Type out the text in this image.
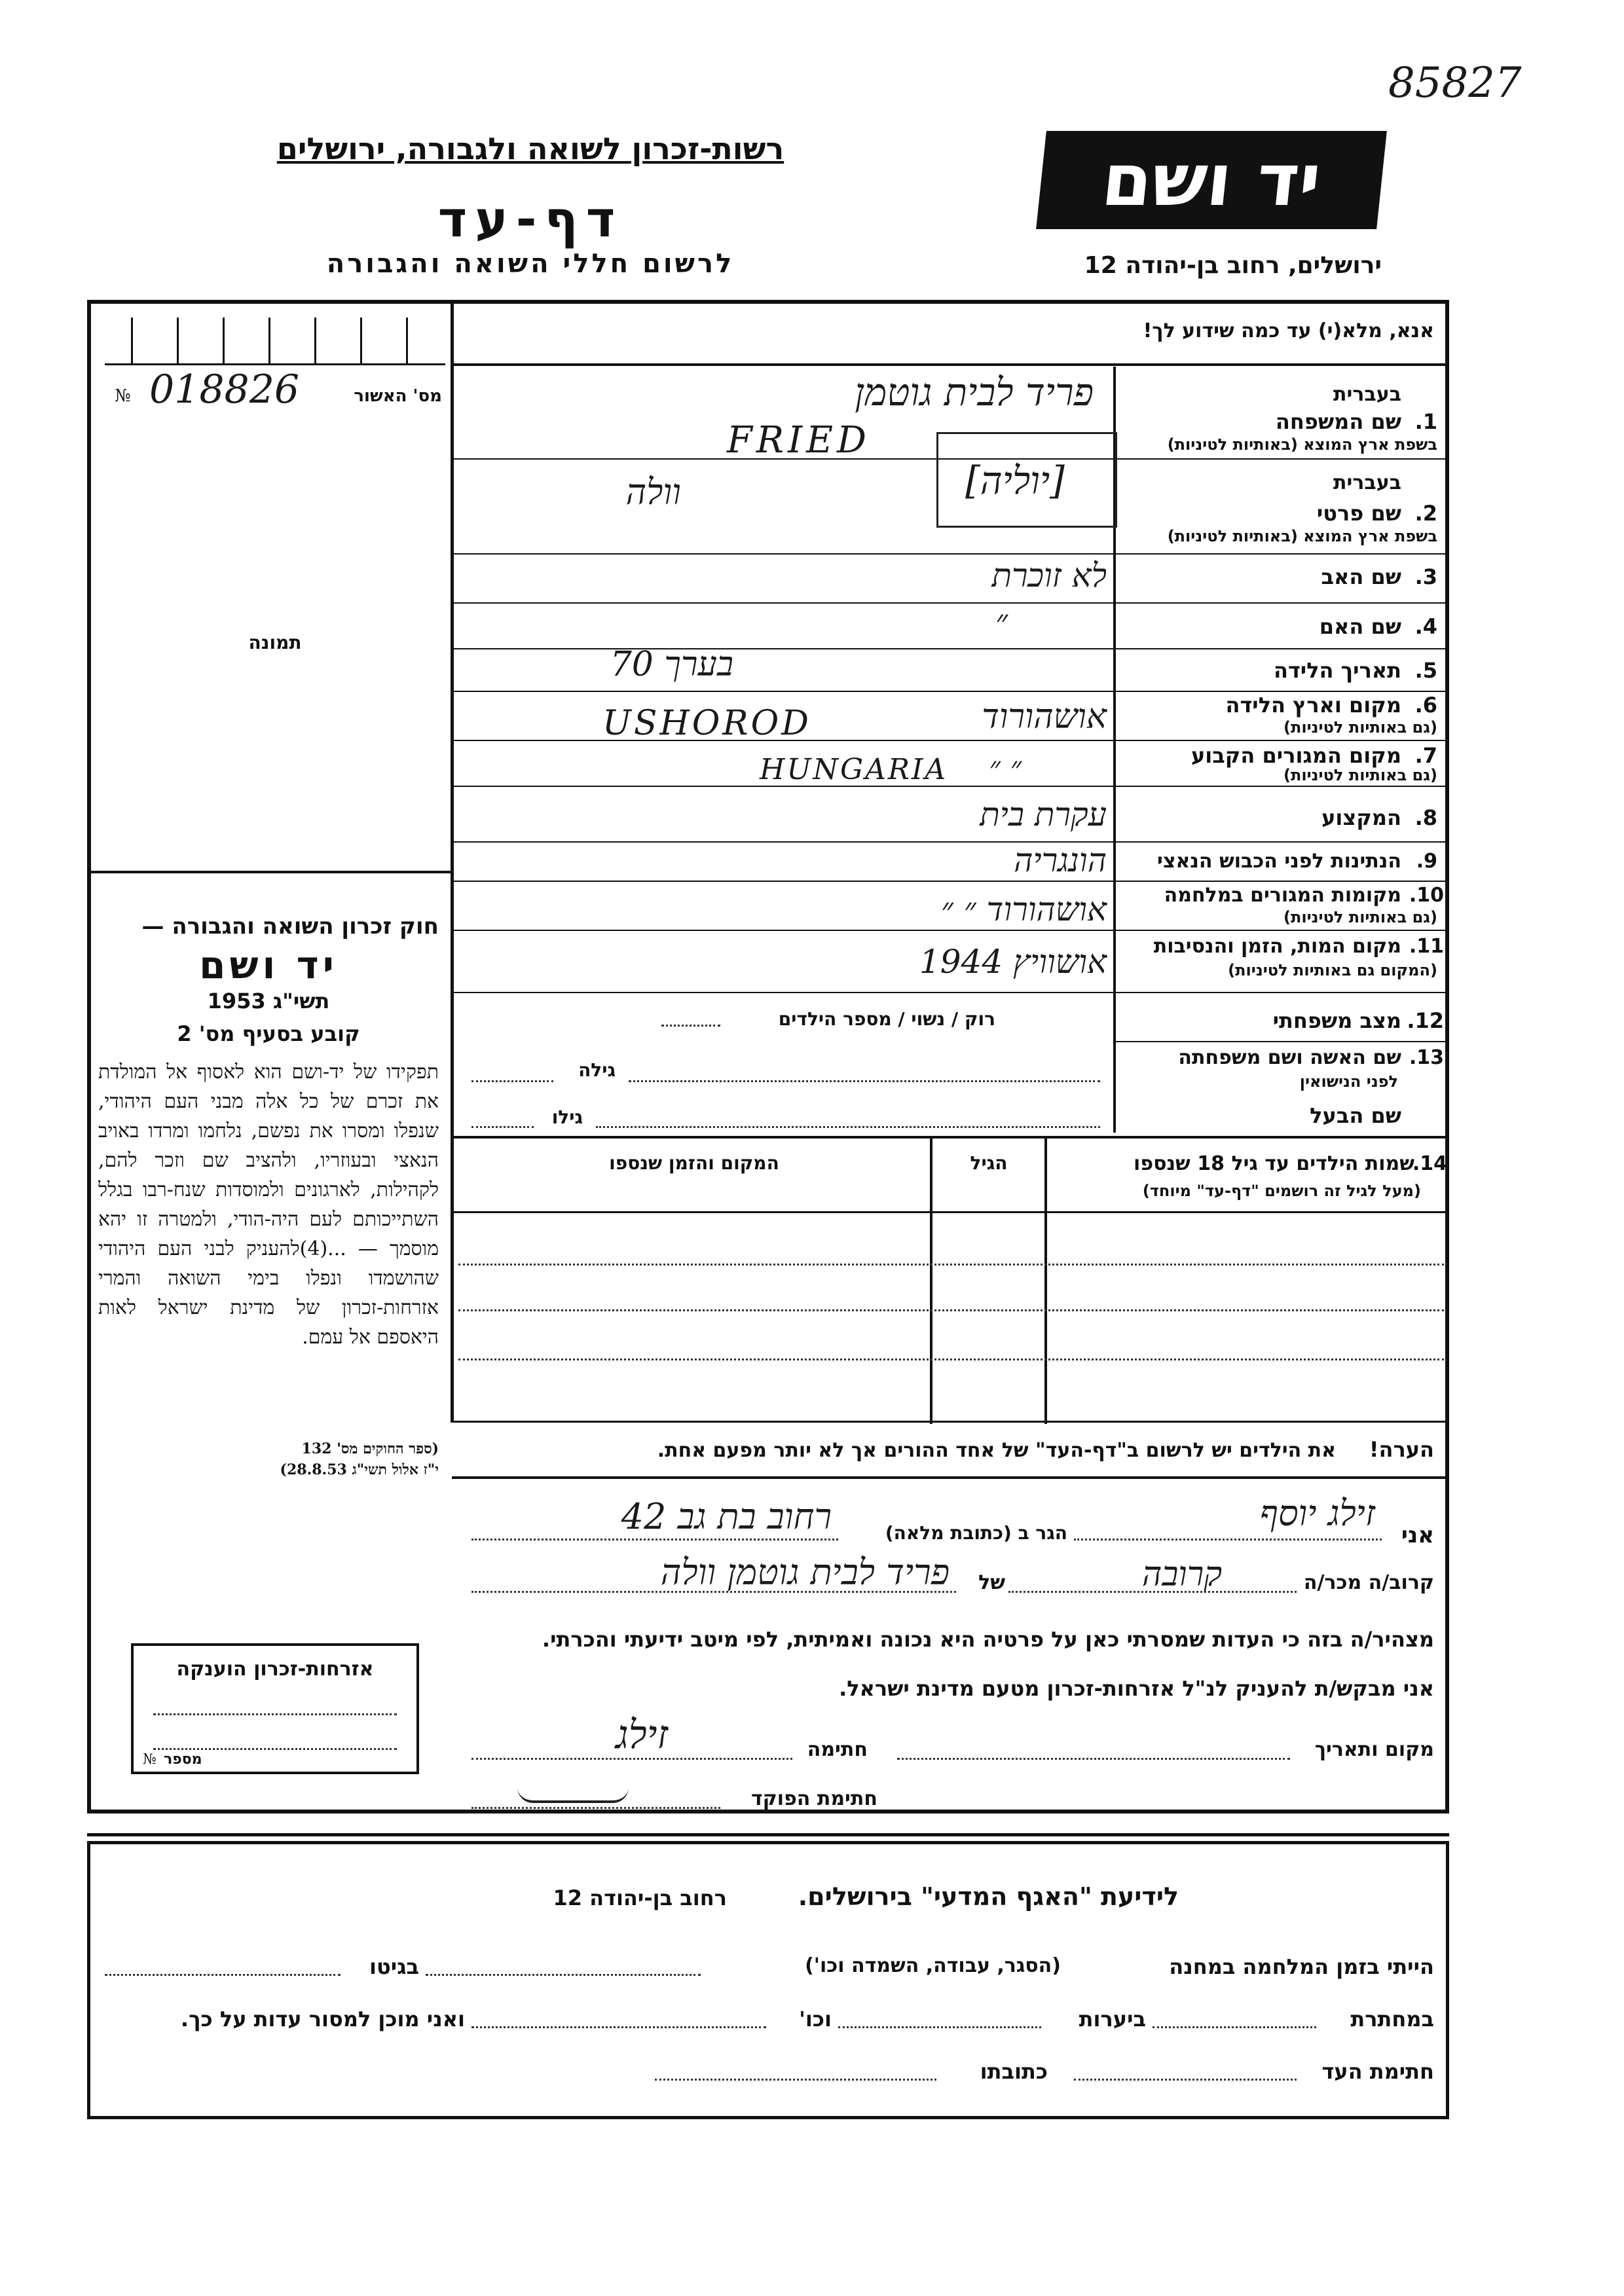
85827
רשות-זכרון לשואה ולגבורה, ירושלים
דף-עד
לרשום חללי השואה והגבורה
יד ושם
ירושלים, רחוב בן-יהודה 12
№ 018826	מס' האשור
תמונה
חוק זכרון השואה והגבורה —
יד ושם
תשי"ג 1953
קובע בסעיף מס' 2
תפקידו של יד-ושם הוא לאסוף אל המולדת את זכרם של כל אלה מבני העם היהודי, שנפלו ומסרו את נפשם, נלחמו ומרדו באויב הנאצי ובעוזריו, ולהציב שם וזכר להם, לקהילות, לארגונים ולמוסדות שנח-רבו בגלל השתייכותם לעם היה-הודי, ולמטרה זו יהא מוסמך — ...(4)להעניק לבני העם היהודי שהושמדו ונפלו בימי השואה והמרי אזרחות-זכרון של מדינת ישראל לאות היאספם אל עמם.
(ספר החוקים מס' 132
י"ז אלול תשי"ג 28.8.53)
אזרחות-זכרון הוענקה
מספר
№
אנא, מלא(י) עד כמה שידוע לך!
בעברית
שם המשפחה 1.
בשפת ארץ המוצא (באותיות לטיניות)
פריד לבית גוטמן
FRIED
בעברית
שם פרטי 2.
בשפת ארץ המוצא (באותיות לטיניות)
וולה	[יוליה]
שם האב 3.
לא זוכרת
שם האם 4.
״
תאריך הלידה 5.
בערך 70
מקום וארץ הלידה 6.
(גם באותיות לטיניות)
אושהורוד
USHOROD
מקום המגורים הקבוע 7.
(גם באותיות לטיניות)
״ ״
HUNGARIA
המקצוע 8.
עקרת בית
הנתינות לפני הכבוש הנאצי 9.
הונגריה
מקומות המגורים במלחמה 10.
(גם באותיות לטיניות)
אושהורוד ״ ״
מקום המות, הזמן והנסיבות 11.
(המקום גם באותיות לטיניות)
אושוויץ 1944
מצב משפחתי 12.
רוק / נשוי / מספר הילדים
שם האשה ושם משפחתה 13.
לפני הנישואין
גילה
שם הבעל
גילו
שמות הילדים עד גיל 18 שנספו
14.
(מעל לגיל זה רושמים "דף-עד" מיוחד)
הגיל
המקום והזמן שנספו
הערה!
את הילדים יש לרשום ב"דף-העד" של אחד ההורים אך לא יותר מפעם אחת.
אני
זילג יוסף
הגר ב (כתובת מלאה)
רחוב בת גב 42
קרוב/ה מכר/ה
קרובה
של
פריד לבית גוטמן וולה
מצהיר/ה בזה כי העדות שמסרתי כאן על פרטיה היא נכונה ואמיתית, לפי מיטב ידיעתי והכרתי.
אני מבקש/ת להעניק לנ"ל אזרחות-זכרון מטעם מדינת ישראל.
מקום ותאריך
חתימה
זילג
חתימת הפוקד
לידיעת "האגף המדעי" בירושלים.
רחוב בן-יהודה 12
הייתי בזמן המלחמה במחנה
(הסגר, עבודה, השמדה וכו')
בגיטו
במחתרת
ביערות
וכו'
ואני מוכן למסור עדות על כך.
חתימת העד
כתובתו
